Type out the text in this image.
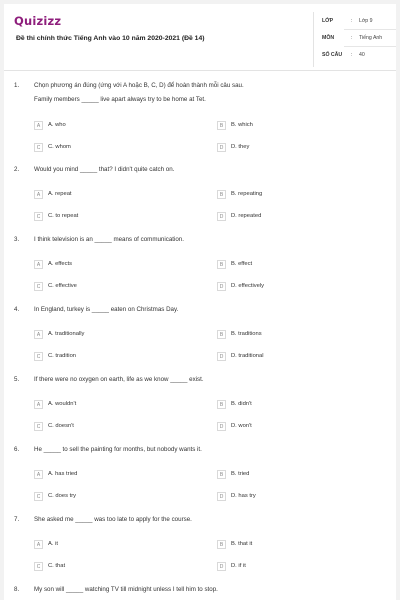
Quizizz
Đề thi chính thức Tiếng Anh vào 10 năm 2020-2021 (Đề 14)
LỚP	: Lớp 9
MÔN	: Tiếng Anh
SỐ CÂU : 40
1. Chọn phương án đúng (ứng với A hoặc B, C, D) để hoàn thành mỗi câu sau.
Family members _____ live apart always try to be home at Tet.
A	A. who	B	B. which
C	C. whom	D	D. they
2. Would you mind _____ that? I didn't quite catch on.
A	A. repeat	B	B. repeating
C	C. to repeat	D	D. repeated
3. I think television is an _____ means of communication.
A	A. effects	B	B. effect
C	C. effective	D	D. effectively
4. In England, turkey is _____ eaten on Christmas Day.
A	A. traditionally	B	B. traditions
C	C. tradition	D	D. traditional
5. If there were no oxygen on earth, life as we know _____ exist.
A	A. wouldn't	B	B. didn't
C	C. doesn't	D	D. won't
6. He _____ to sell the painting for months, but nobody wants it.
A	A. has tried	B	B. tried
C	C. does try	D	D. has try
7. She asked me _____ was too late to apply for the course.
A	A. it	B	B. that it
C	C. that	D	D. if it
8. My son will _____ watching TV till midnight unless I tell him to stop.
